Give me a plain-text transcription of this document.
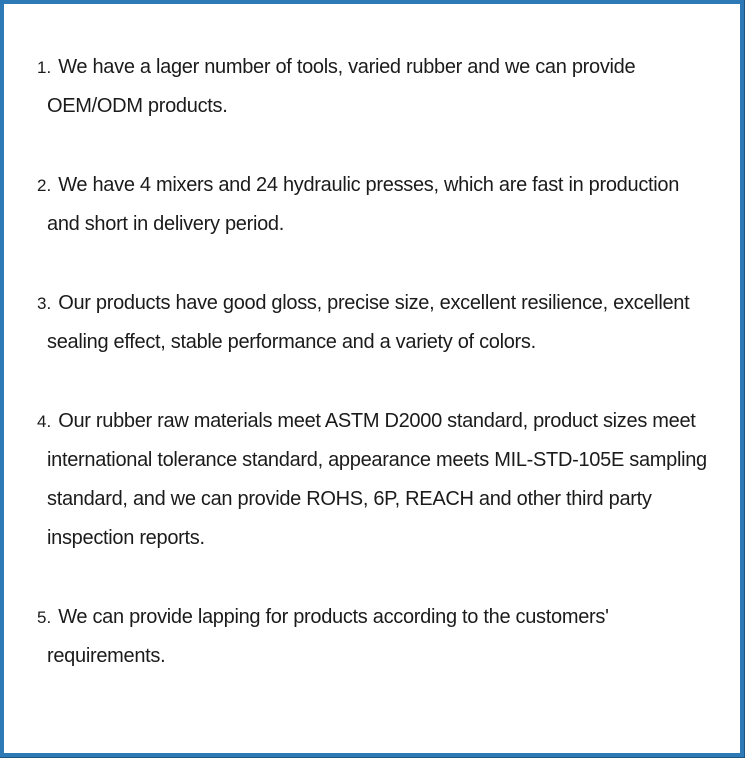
1. We have a lager number of tools, varied rubber and we can provide OEM/ODM products.

2. We have 4 mixers and 24 hydraulic presses, which are fast in production and short in delivery period.

3. Our products have good gloss, precise size, excellent resilience, excellent sealing effect, stable performance and a variety of colors.

4. Our rubber raw materials meet ASTM D2000 standard, product sizes meet international tolerance standard, appearance meets MIL-STD-105E sampling standard, and we can provide ROHS, 6P, REACH and other third party inspection reports.

5. We can provide lapping for products according to the customers' requirements.
